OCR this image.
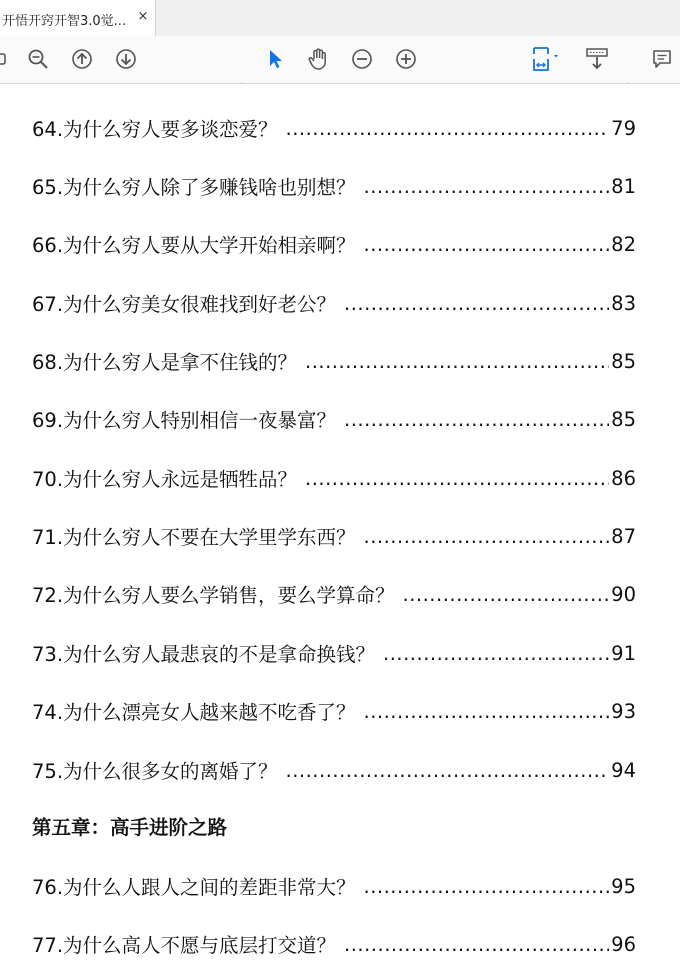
开悟开窍开智3.0觉... ×
64.为什么穷人要多谈恋爱？ .....	79
65.为什么穷人除了多赚钱啥也别想？ .....	81
66.为什么穷人要从大学开始相亲啊？ .....	82
67.为什么穷美女很难找到好老公？ .....	83
68.为什么穷人是拿不住钱的？ .....	85
69.为什么穷人特别相信一夜暴富？ .....	85
70.为什么穷人永远是牺牲品？ .....	86
71.为什么穷人不要在大学里学东西？ .....	87
72.为什么穷人要么学销售，要么学算命？ .....	90
73.为什么穷人最悲哀的不是拿命换钱？ .....	91
74.为什么漂亮女人越来越不吃香了？ .....	93
75.为什么很多女的离婚了？ .....	94
第五章：高手进阶之路
76.为什么人跟人之间的差距非常大？ .....	95
77.为什么高人不愿与底层打交道？ .....	96
